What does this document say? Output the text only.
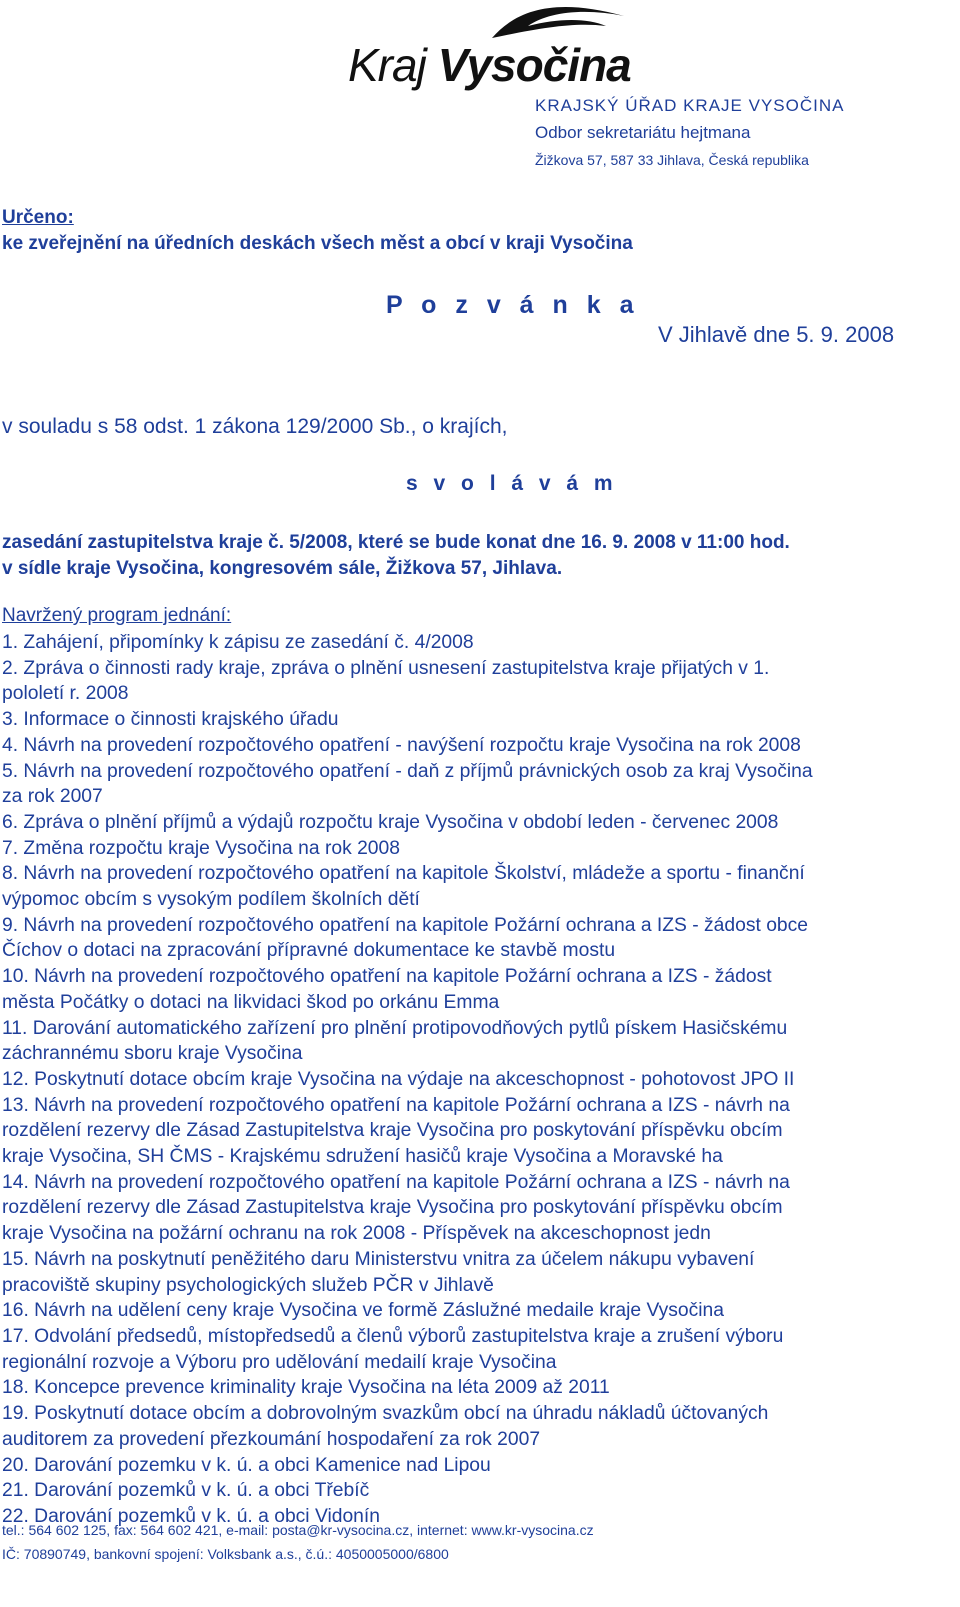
Kraj Vysočina
KRAJSKÝ ÚŘAD KRAJE VYSOČINA
Odbor sekretariátu hejtmana
Žižkova 57, 587 33 Jihlava, Česká republika
Určeno:
ke zveřejnění na úředních deskách všech měst a obcí v kraji Vysočina
P o z v á n k a
V Jihlavě dne 5. 9. 2008
v souladu s 58 odst. 1 zákona 129/2000 Sb., o krajích,
s v o l á v á m
zasedání zastupitelstva kraje č. 5/2008, které se bude konat dne 16. 9. 2008 v 11:00 hod.
v sídle kraje Vysočina, kongresovém sále, Žižkova 57, Jihlava.
Navržený program jednání:
1. Zahájení, připomínky k zápisu ze zasedání č. 4/2008
2. Zpráva o činnosti rady kraje, zpráva o plnění usnesení zastupitelstva kraje přijatých v 1.
pololetí r. 2008
3. Informace o činnosti krajského úřadu
4. Návrh na provedení rozpočtového opatření - navýšení rozpočtu kraje Vysočina na rok 2008
5. Návrh na provedení rozpočtového opatření - daň z příjmů právnických osob za kraj Vysočina
za rok 2007
6. Zpráva o plnění příjmů a výdajů rozpočtu kraje Vysočina v období leden - červenec 2008
7. Změna rozpočtu kraje Vysočina na rok 2008
8. Návrh na provedení rozpočtového opatření na kapitole Školství, mládeže a sportu - finanční
výpomoc obcím s vysokým podílem školních dětí
9. Návrh na provedení rozpočtového opatření na kapitole Požární ochrana a IZS - žádost obce
Číchov o dotaci na zpracování přípravné dokumentace ke stavbě mostu
10. Návrh na provedení rozpočtového opatření na kapitole Požární ochrana a IZS - žádost
města Počátky o dotaci na likvidaci škod po orkánu Emma
11. Darování automatického zařízení pro plnění protipovodňových pytlů pískem Hasičskému
záchrannému sboru kraje Vysočina
12. Poskytnutí dotace obcím kraje Vysočina na výdaje na akceschopnost - pohotovost JPO II
13. Návrh na provedení rozpočtového opatření na kapitole Požární ochrana a IZS - návrh na
rozdělení rezervy dle Zásad Zastupitelstva kraje Vysočina pro poskytování příspěvku obcím
kraje Vysočina, SH ČMS - Krajskému sdružení hasičů kraje Vysočina a Moravské ha
14. Návrh na provedení rozpočtového opatření na kapitole Požární ochrana a IZS - návrh na
rozdělení rezervy dle Zásad Zastupitelstva kraje Vysočina pro poskytování příspěvku obcím
kraje Vysočina na požární ochranu na rok 2008 - Příspěvek na akceschopnost jedn
15. Návrh na poskytnutí peněžitého daru Ministerstvu vnitra za účelem nákupu vybavení
pracoviště skupiny psychologických služeb PČR v Jihlavě
16. Návrh na udělení ceny kraje Vysočina ve formě Záslužné medaile kraje Vysočina
17. Odvolání předsedů, místopředsedů a členů výborů zastupitelstva kraje a zrušení výboru
regionální rozvoje a Výboru pro udělování medailí kraje Vysočina
18. Koncepce prevence kriminality kraje Vysočina na léta 2009 až 2011
19. Poskytnutí dotace obcím a dobrovolným svazkům obcí na úhradu nákladů účtovaných
auditorem za provedení přezkoumání hospodaření za rok 2007
20. Darování pozemku v k. ú. a obci Kamenice nad Lipou
21. Darování pozemků v k. ú. a obci Třebíč
22. Darování pozemků v k. ú. a obci Vidonín
tel.: 564 602 125, fax: 564 602 421, e-mail: posta@kr-vysocina.cz, internet: www.kr-vysocina.cz
IČ: 70890749, bankovní spojení: Volksbank a.s., č.ú.: 4050005000/6800
